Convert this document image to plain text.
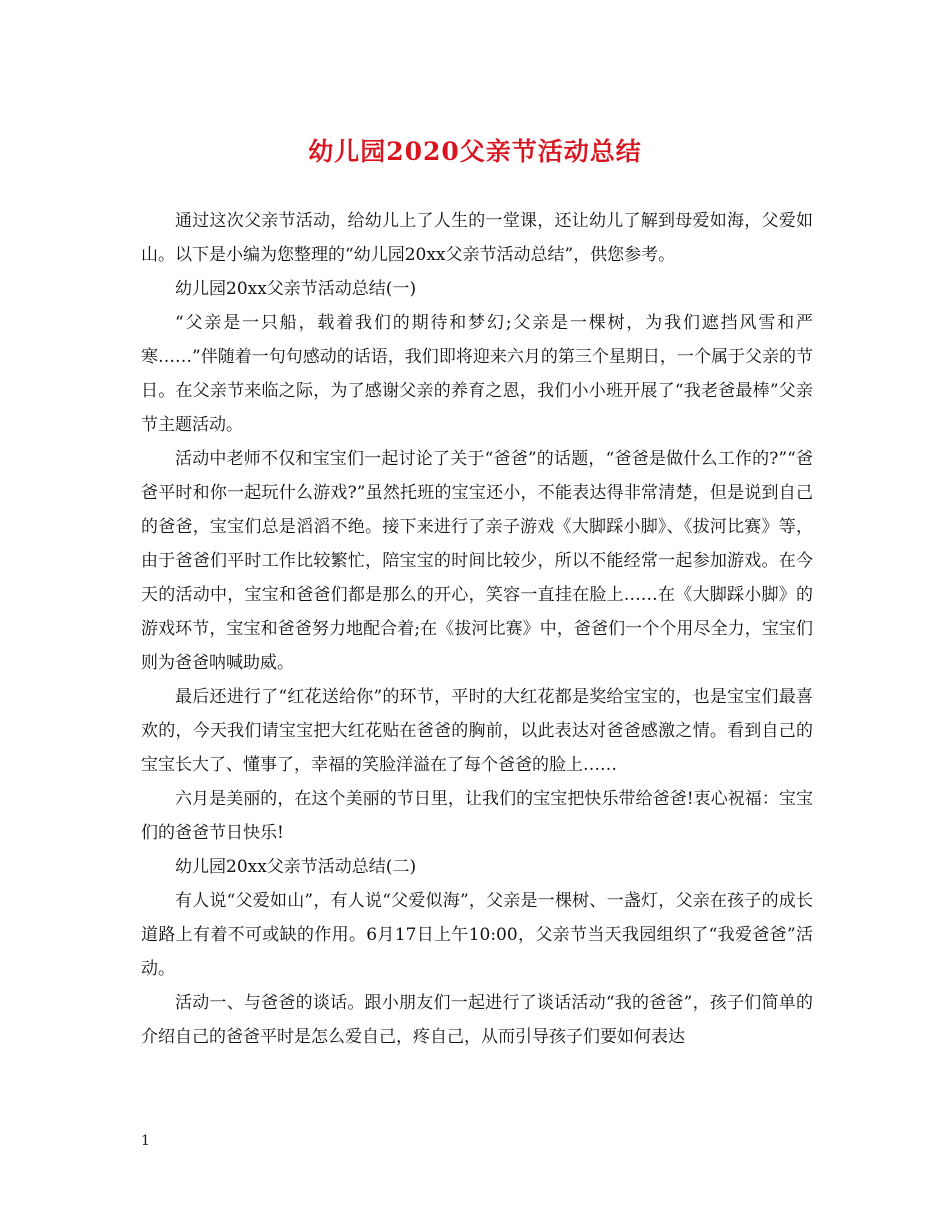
幼儿园2020父亲节活动总结

通过这次父亲节活动，给幼儿上了人生的一堂课，还让幼儿了解到母爱如海，父爱如山。以下是小编为您整理的“幼儿园20xx父亲节活动总结”，供您参考。

幼儿园20xx父亲节活动总结(一)

“父亲是一只船，载着我们的期待和梦幻;父亲是一棵树，为我们遮挡风雪和严寒……”伴随着一句句感动的话语，我们即将迎来六月的第三个星期日，一个属于父亲的节日。在父亲节来临之际，为了感谢父亲的养育之恩，我们小小班开展了“我老爸最棒”父亲节主题活动。

活动中老师不仅和宝宝们一起讨论了关于“爸爸”的话题，“爸爸是做什么工作的?”“爸爸平时和你一起玩什么游戏?”虽然托班的宝宝还小，不能表达得非常清楚，但是说到自己的爸爸，宝宝们总是滔滔不绝。接下来进行了亲子游戏《大脚踩小脚》、《拔河比赛》等，由于爸爸们平时工作比较繁忙，陪宝宝的时间比较少，所以不能经常一起参加游戏。在今天的活动中，宝宝和爸爸们都是那么的开心，笑容一直挂在脸上……在《大脚踩小脚》的游戏环节，宝宝和爸爸努力地配合着;在《拔河比赛》中，爸爸们一个个用尽全力，宝宝们则为爸爸呐喊助威。

最后还进行了“红花送给你”的环节，平时的大红花都是奖给宝宝的，也是宝宝们最喜欢的，今天我们请宝宝把大红花贴在爸爸的胸前，以此表达对爸爸感激之情。看到自己的宝宝长大了、懂事了，幸福的笑脸洋溢在了每个爸爸的脸上……

六月是美丽的，在这个美丽的节日里，让我们的宝宝把快乐带给爸爸!衷心祝福：宝宝们的爸爸节日快乐!

幼儿园20xx父亲节活动总结(二)

有人说“父爱如山”，有人说“父爱似海”，父亲是一棵树、一盏灯，父亲在孩子的成长道路上有着不可或缺的作用。6月17日上午10:00，父亲节当天我园组织了“我爱爸爸”活动。

活动一、与爸爸的谈话。跟小朋友们一起进行了谈话活动“我的爸爸”，孩子们简单的介绍自己的爸爸平时是怎么爱自己，疼自己，从而引导孩子们要如何表达

1
